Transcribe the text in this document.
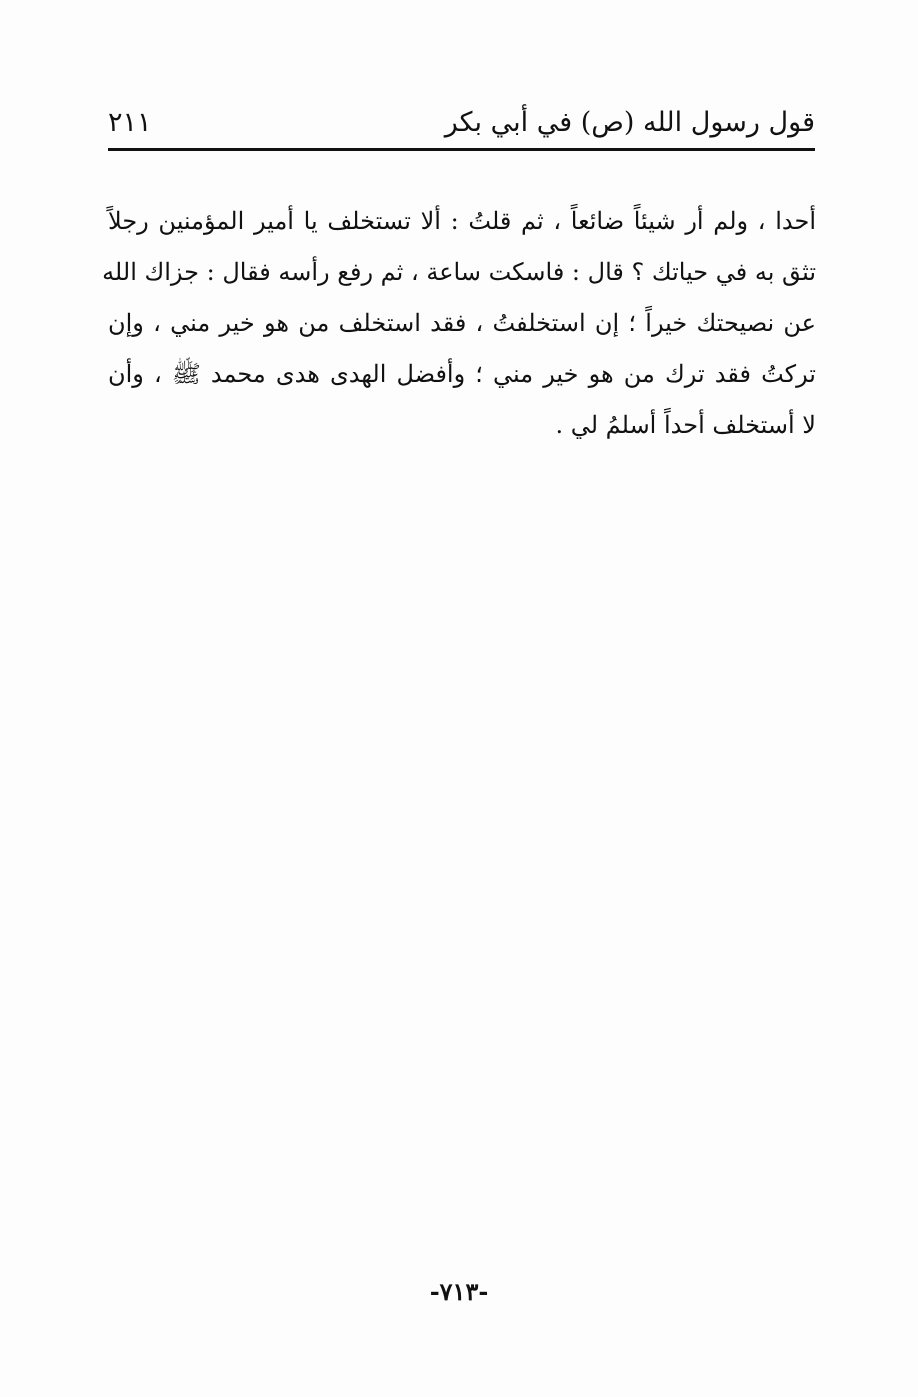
قول رسول الله (ص) في أبي بكر
٢١١
أحدا ، ولم أر شيئاً ضائعاً ، ثم قلتُ : ألا تستخلف يا أمير المؤمنين رجلاً
تثق به في حياتك ؟ قال : فاسكت ساعة ، ثم رفع رأسه فقال : جزاك الله
عن نصيحتك خيراً ؛ إن استخلفتُ ، فقد استخلف من هو خير مني ، وإن
تركتُ فقد ترك من هو خير مني ؛ وأفضل الهدى هدى محمد ﷺ ، وأن
لا أستخلف أحداً أسلمُ لي .
-٧١٣-
